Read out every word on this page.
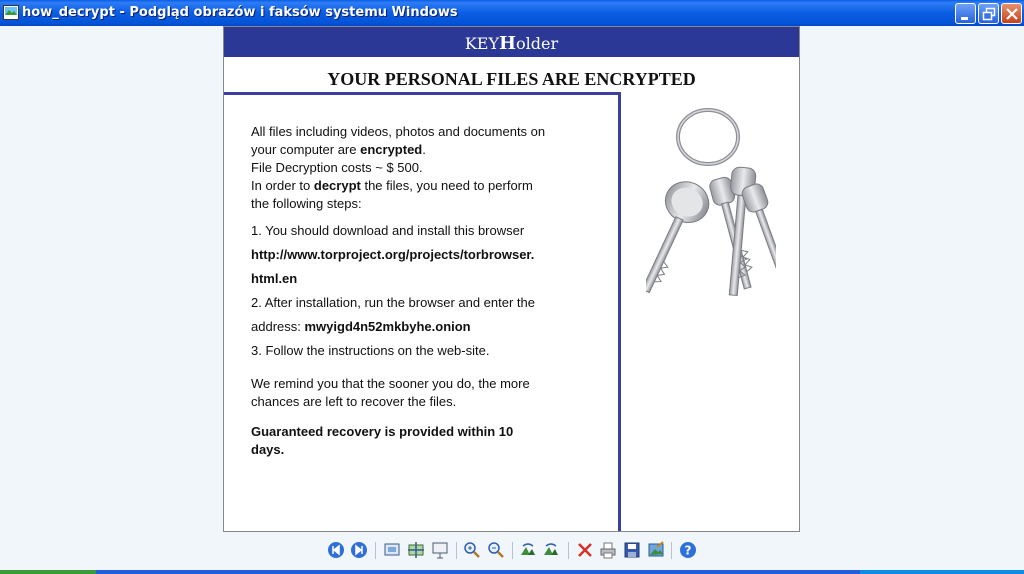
how_decrypt - Podgląd obrazów i faksów systemu Windows
KEYHolder
YOUR PERSONAL FILES ARE ENCRYPTED

All files including videos, photos and documents on

your computer are encrypted.

File Decryption costs ~ $ 500.

In order to decrypt the files, you need to perform

the following steps:

1. You should download and install this browser

http://www.torproject.org/projects/torbrowser.

html.en

2. After installation, run the browser and enter the

address: mwyigd4n52mkbyhe.onion

3. Follow the instructions on the web-site.

We remind you that the sooner you do, the more

chances are left to recover the files.

Guaranteed recovery is provided within 10

days.

?
